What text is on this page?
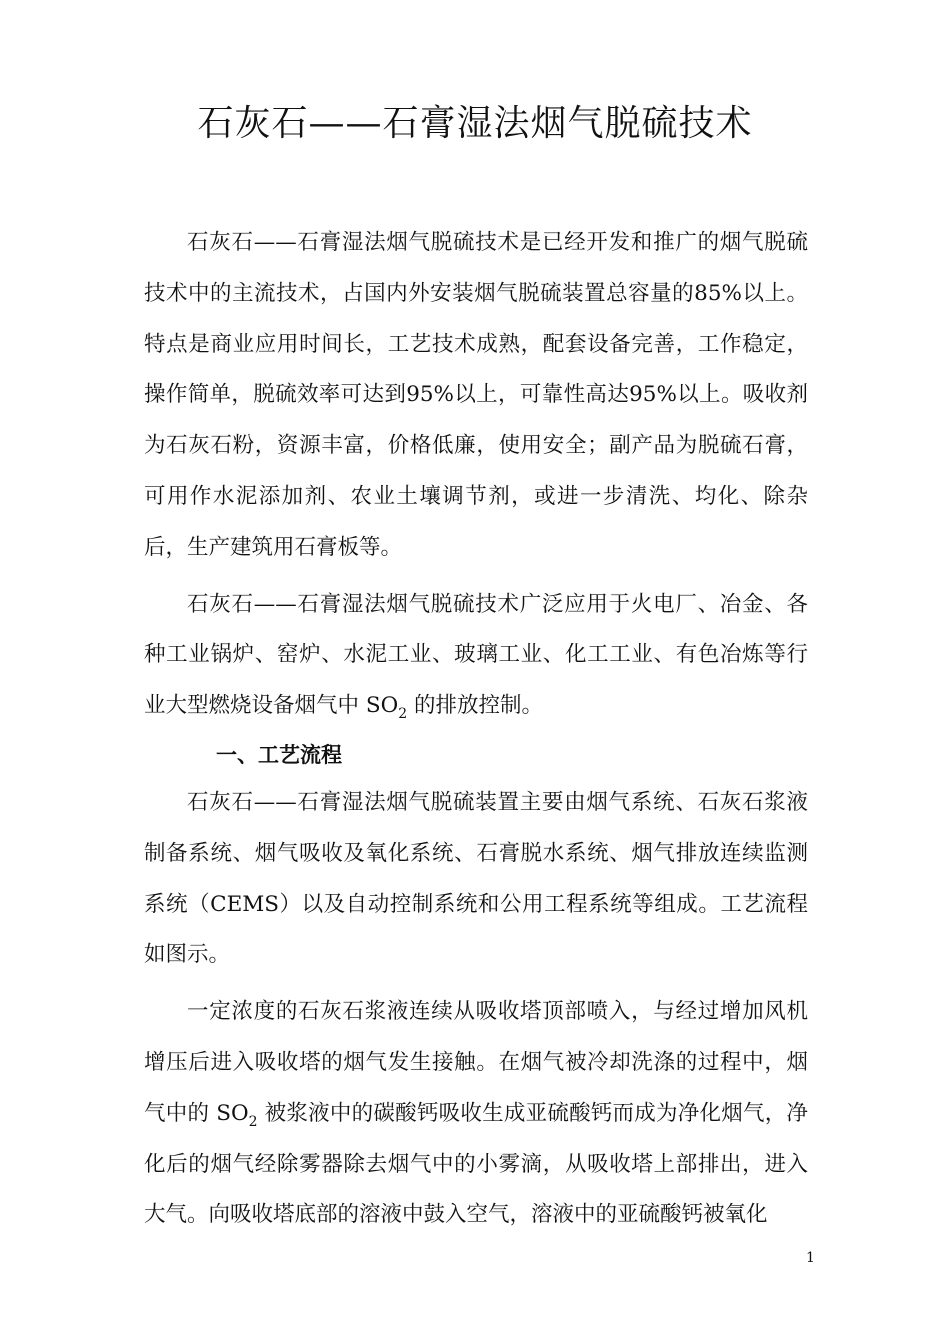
石灰石——石膏湿法烟气脱硫技术

石灰石——石膏湿法烟气脱硫技术是已经开发和推广的烟气脱硫技术中的主流技术，占国内外安装烟气脱硫装置总容量的85%以上。特点是商业应用时间长，工艺技术成熟，配套设备完善，工作稳定，操作简单，脱硫效率可达到95%以上，可靠性高达95%以上。吸收剂为石灰石粉，资源丰富，价格低廉，使用安全；副产品为脱硫石膏，可用作水泥添加剂、农业土壤调节剂，或进一步清洗、均化、除杂后，生产建筑用石膏板等。

石灰石——石膏湿法烟气脱硫技术广泛应用于火电厂、冶金、各种工业锅炉、窑炉、水泥工业、玻璃工业、化工工业、有色冶炼等行业大型燃烧设备烟气中 $SO_2$ 的排放控制。

一、工艺流程

石灰石——石膏湿法烟气脱硫装置主要由烟气系统、石灰石浆液制备系统、烟气吸收及氧化系统、石膏脱水系统、烟气排放连续监测系统（CEMS）以及自动控制系统和公用工程系统等组成。工艺流程如图示。

一定浓度的石灰石浆液连续从吸收塔顶部喷入，与经过增加风机增压后进入吸收塔的烟气发生接触。在烟气被冷却洗涤的过程中，烟气中的 $SO_2$ 被浆液中的碳酸钙吸收生成亚硫酸钙而成为净化烟气，净化后的烟气经除雾器除去烟气中的小雾滴，从吸收塔上部排出，进入大气。向吸收塔底部的溶液中鼓入空气，溶液中的亚硫酸钙被氧化

1
